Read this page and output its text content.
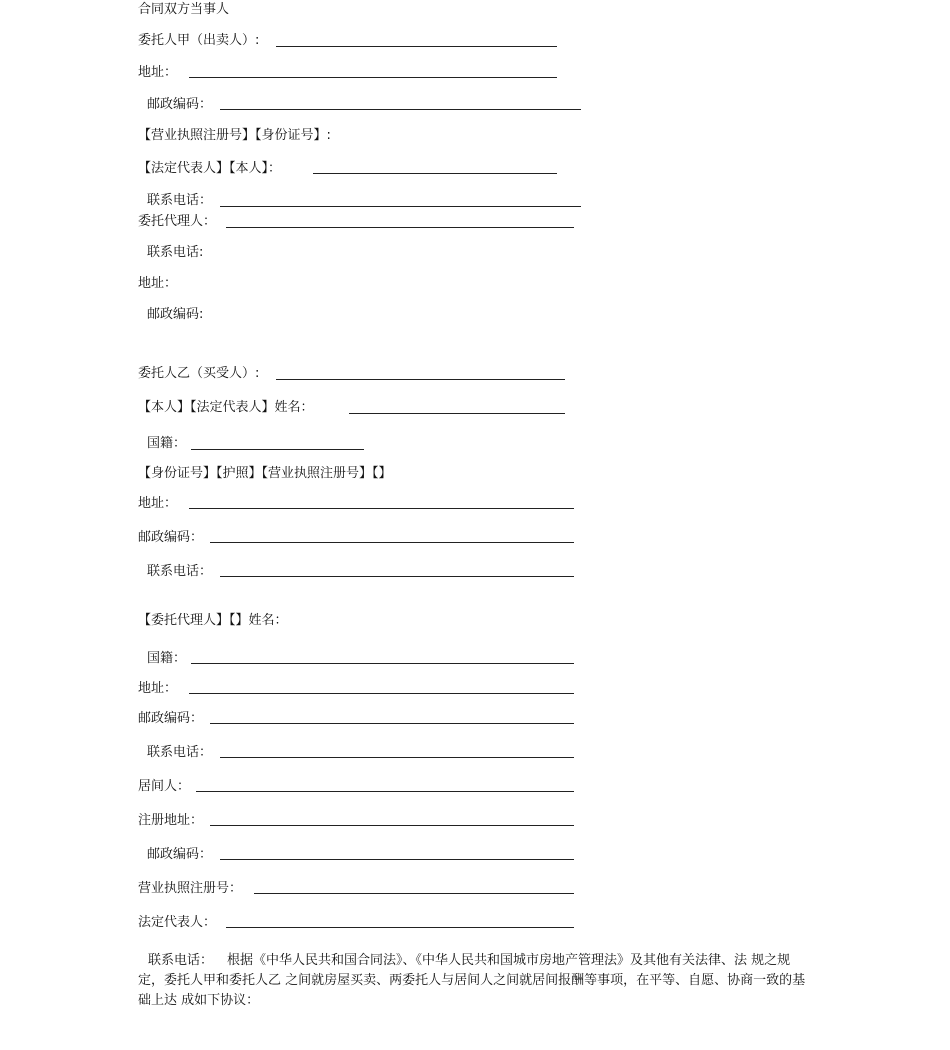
合同双方当事人
委托人甲（出卖人）:
地址：
邮政编码：
【营业执照注册号】【身份证号】:
【法定代表人】【本人】：
联系电话：
委托代理人：
联系电话:
地址：
邮政编码:
委托人乙（买受人）:
【本人】【法定代表人】姓名：
国籍：
【身份证号】【护照】【营业执照注册号】【】
地址：
邮政编码：
联系电话：
【委托代理人】【】姓名：
国籍：
地址：
邮政编码：
联系电话：
居间人：
注册地址：
邮政编码：
营业执照注册号：
法定代表人：
联系电话： 根据《中华人民共和国合同法》、《中华人民共和国城市房地产管理法》及其他有关法律、法 规之规定，委托人甲和委托人乙 之间就房屋买卖、两委托人与居间人之间就居间报酬等事项，在平等、自愿、协商一致的基础上达 成如下协议：
